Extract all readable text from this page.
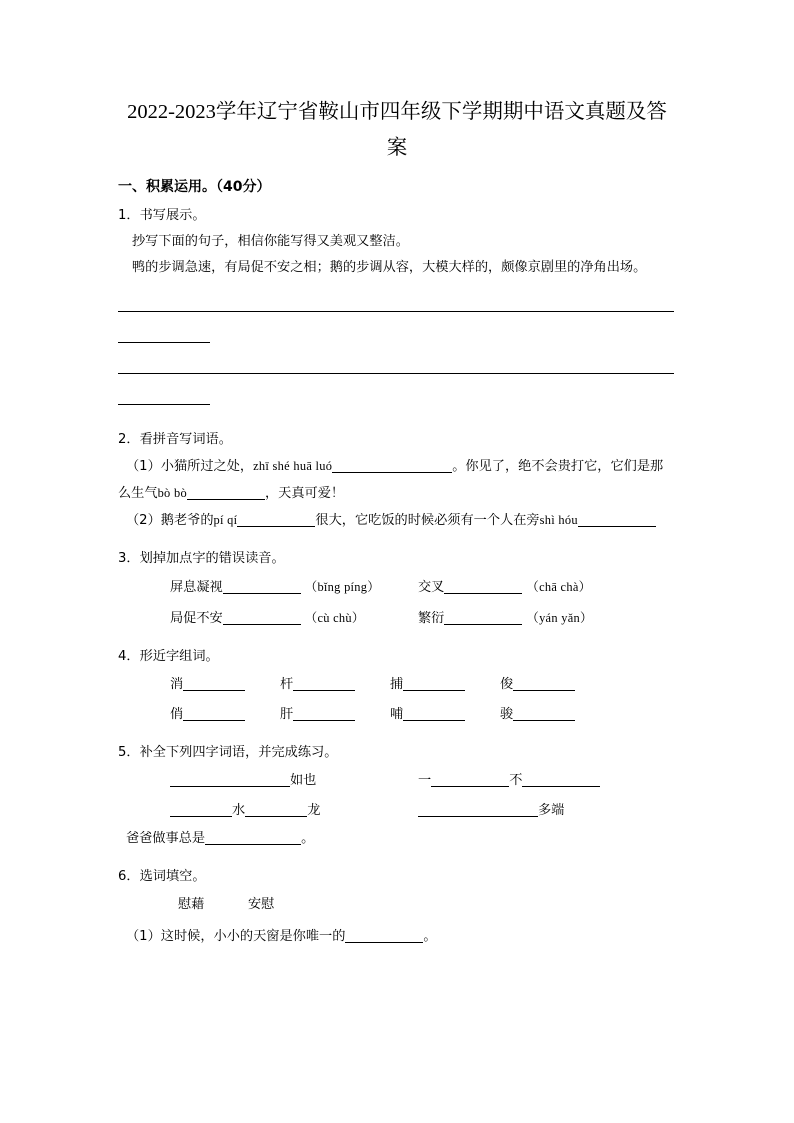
2022-2023学年辽宁省鞍山市四年级下学期期中语文真题及答案
一、积累运用。（40分）
1．书写展示。
抄写下面的句子，相信你能写得又美观又整洁。
鸭的步调急速，有局促不安之相；鹅的步调从容，大模大样的，颇像京剧里的净角出场。
2．看拼音写词语。
（1）小猫所过之处，zhī shé huā luó	。你见了，绝不会贵打它，它们是那
么生气bò bò	，天真可爱！
（2）鹅老爷的pí qí	很大，它吃饭的时候必须有一个人在旁shì hóu
3．划掉加点字的错误读音。
屏息凝视	（bǐng píng）	交叉	（chā chà）
局促不安	（cù chù）	繁衍	（yán yǎn）
4．形近字组词。
消	杆	捕	俊
俏	肝	哺	骏
5．补全下列四字词语，并完成练习。
如也	一	不
水	龙	多端
爸爸做事总是	。
6．选词填空。
慰藉	安慰
（1）这时候，小小的天窗是你唯一的	。
